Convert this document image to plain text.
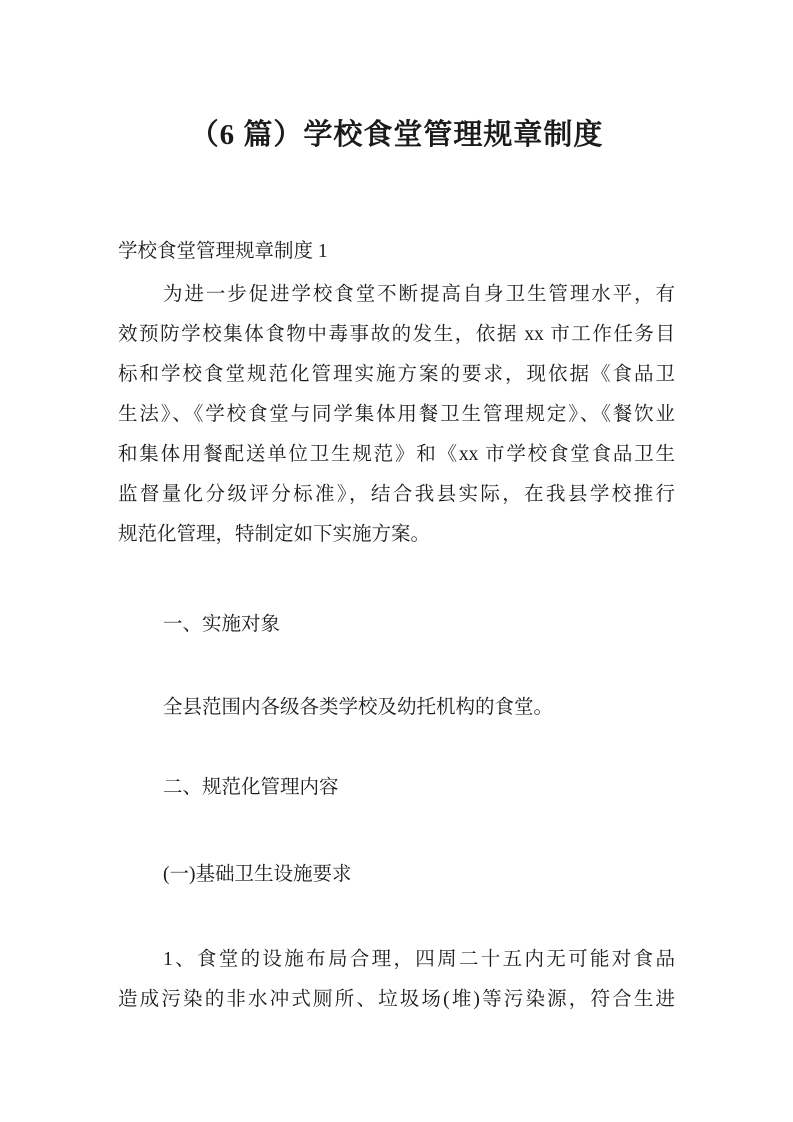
（6 篇）学校食堂管理规章制度

学校食堂管理规章制度 1

为进一步促进学校食堂不断提高自身卫生管理水平，有
效预防学校集体食物中毒事故的发生，依据 xx 市工作任务目
标和学校食堂规范化管理实施方案的要求，现依据《食品卫
生法》、《学校食堂与同学集体用餐卫生管理规定》、《餐饮业
和集体用餐配送单位卫生规范》和《xx 市学校食堂食品卫生
监督量化分级评分标准》，结合我县实际，在我县学校推行
规范化管理，特制定如下实施方案。

一、实施对象

全县范围内各级各类学校及幼托机构的食堂。

二、规范化管理内容

(一)基础卫生设施要求

1、食堂的设施布局合理，四周二十五内无可能对食品
造成污染的非水冲式厕所、垃圾场(堆)等污染源，符合生进
